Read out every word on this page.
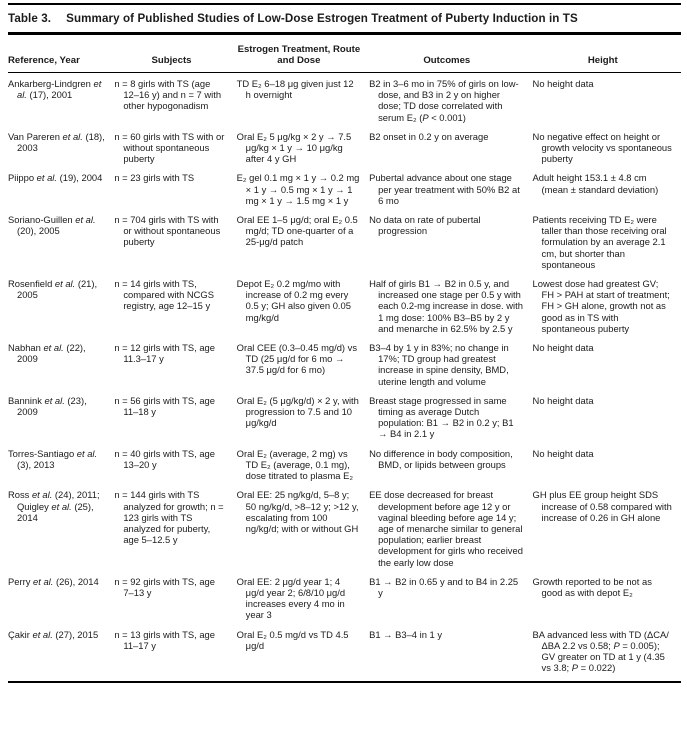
Table 3. Summary of Published Studies of Low-Dose Estrogen Treatment of Puberty Induction in TS
Reference, Year	Subjects	Estrogen Treatment, Route and Dose	Outcomes	Height
Ankarberg-Lindgren et al. (17), 2001	n = 8 girls with TS (age 12–16 y) and n = 7 with other hypogonadism	TD E₂ 6–18 μg given just 12 h overnight	B2 in 3–6 mo in 75% of girls on low-dose, and B3 in 2 y on higher dose; TD dose correlated with serum E₂ (P < 0.001)	No height data
Van Pareren et al. (18), 2003	n = 60 girls with TS with or without spontaneous puberty	Oral E₂ 5 μg/kg × 2 y → 7.5 μg/kg × 1 y → 10 μg/kg after 4 y GH	B2 onset in 0.2 y on average	No negative effect on height or growth velocity vs spontaneous puberty
Piippo et al. (19), 2004	n = 23 girls with TS	E₂ gel 0.1 mg × 1 y → 0.2 mg × 1 y → 0.5 mg × 1 y → 1 mg × 1 y → 1.5 mg × 1 y	Pubertal advance about one stage per year treatment with 50% B2 at 6 mo	Adult height 153.1 ± 4.8 cm (mean ± standard deviation)
Soriano-Guillen et al. (20), 2005	n = 704 girls with TS with or without spontaneous puberty	Oral EE 1–5 μg/d; oral E₂ 0.5 mg/d; TD one-quarter of a 25-μg/d patch	No data on rate of pubertal progression	Patients receiving TD E₂ were taller than those receiving oral formulation by an average 2.1 cm, but shorter than spontaneous
Rosenfield et al. (21), 2005	n = 14 girls with TS, compared with NCGS registry, age 12–15 y	Depot E₂ 0.2 mg/mo with increase of 0.2 mg every 0.5 y; GH also given 0.05 mg/kg/d	Half of girls B1 → B2 in 0.5 y, and increased one stage per 0.5 y with each 0.2-mg increase in dose. with 1 mg dose: 100% B3–B5 by 2 y and menarche in 62.5% by 2.5 y	Lowest dose had greatest GV; FH > PAH at start of treatment; FH > GH alone, growth not as good as in TS with spontaneous puberty
Nabhan et al. (22), 2009	n = 12 girls with TS, age 11.3–17 y	Oral CEE (0.3–0.45 mg/d) vs TD (25 μg/d for 6 mo → 37.5 μg/d for 6 mo)	B3–4 by 1 y in 83%; no change in 17%; TD group had greatest increase in spine density, BMD, uterine length and volume	No height data
Bannink et al. (23), 2009	n = 56 girls with TS, age 11–18 y	Oral E₂ (5 μg/kg/d) × 2 y, with progression to 7.5 and 10 μg/kg/d	Breast stage progressed in same timing as average Dutch population: B1 → B2 in 0.2 y; B1 → B4 in 2.1 y	No height data
Torres-Santiago et al. (3), 2013	n = 40 girls with TS, age 13–20 y	Oral E₂ (average, 2 mg) vs TD E₂ (average, 0.1 mg), dose titrated to plasma E₂	No difference in body composition, BMD, or lipids between groups	No height data
Ross et al. (24), 2011; Quigley et al. (25), 2014	n = 144 girls with TS analyzed for growth; n = 123 girls with TS analyzed for puberty, age 5–12.5 y	Oral EE: 25 ng/kg/d, 5–8 y; 50 ng/kg/d, >8–12 y; >12 y, escalating from 100 ng/kg/d; with or without GH	EE dose decreased for breast development before age 12 y or vaginal bleeding before age 14 y; age of menarche similar to general population; earlier breast development for girls who received the early low dose	GH plus EE group height SDS increase of 0.58 compared with increase of 0.26 in GH alone
Perry et al. (26), 2014	n = 92 girls with TS, age 7–13 y	Oral EE: 2 μg/d year 1; 4 μg/d year 2; 6/8/10 μg/d increases every 4 mo in year 3	B1 → B2 in 0.65 y and to B4 in 2.25 y	Growth reported to be not as good as with depot E₂
Çakir et al. (27), 2015	n = 13 girls with TS, age 11–17 y	Oral E₂ 0.5 mg/d vs TD 4.5 μg/d	B1 → B3–4 in 1 y	BA advanced less with TD (ΔCA/ΔBA 2.2 vs 0.58; P = 0.005); GV greater on TD at 1 y (4.35 vs 3.8; P = 0.022)
